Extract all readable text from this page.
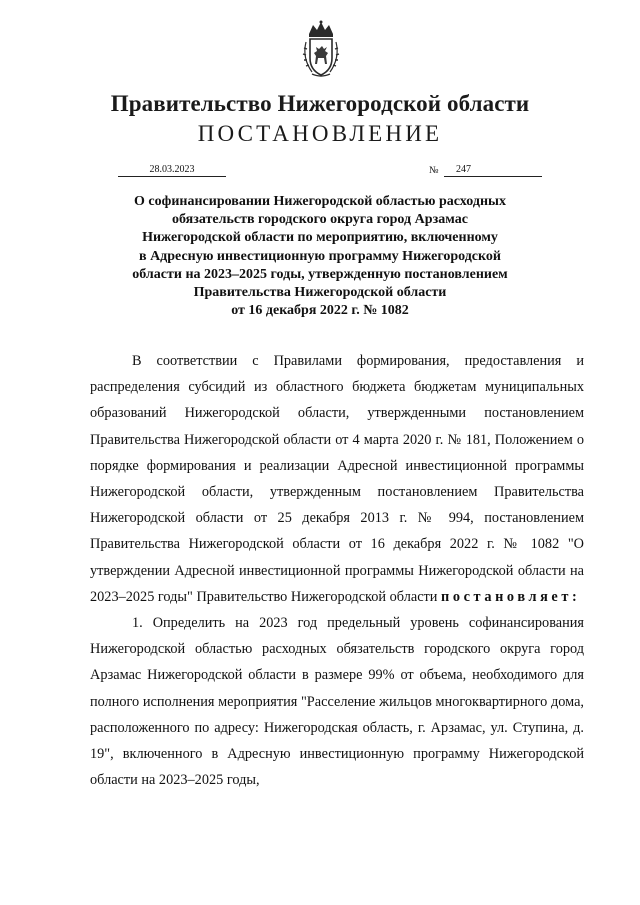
Правительство Нижегородской области
ПОСТАНОВЛЕНИЕ
28.03.2023	№	247
О софинансировании Нижегородской областью расходных
обязательств городского округа город Арзамас
Нижегородской области по мероприятию, включенному
в Адресную инвестиционную программу Нижегородской
области на 2023–2025 годы, утвержденную постановлением
Правительства Нижегородской области
от 16 декабря 2022 г. № 1082

В соответствии с Правилами формирования, предоставления и распределения субсидий из областного бюджета бюджетам муниципальных образований Нижегородской области, утвержденными постановлением Правительства Нижегородской области от 4 марта 2020 г. № 181, Положением о порядке формирования и реализации Адресной инвестиционной программы Нижегородской области, утвержденным постановлением Правительства Нижегородской области от 25 декабря 2013 г. № 994, постановлением Правительства Нижегородской области от 16 декабря 2022 г. № 1082 "О утверждении Адресной инвестиционной программы Нижегородской области на 2023–2025 годы" Правительство Нижегородской области постановляет:

1. Определить на 2023 год предельный уровень софинансирования Нижегородской областью расходных обязательств городского округа город Арзамас Нижегородской области в размере 99% от объема, необходимого для полного исполнения мероприятия "Расселение жильцов многоквартирного дома, расположенного по адресу: Нижегородская область, г. Арзамас, ул. Ступина, д. 19", включенного в Адресную инвестиционную программу Нижегородской области на 2023–2025 годы,
